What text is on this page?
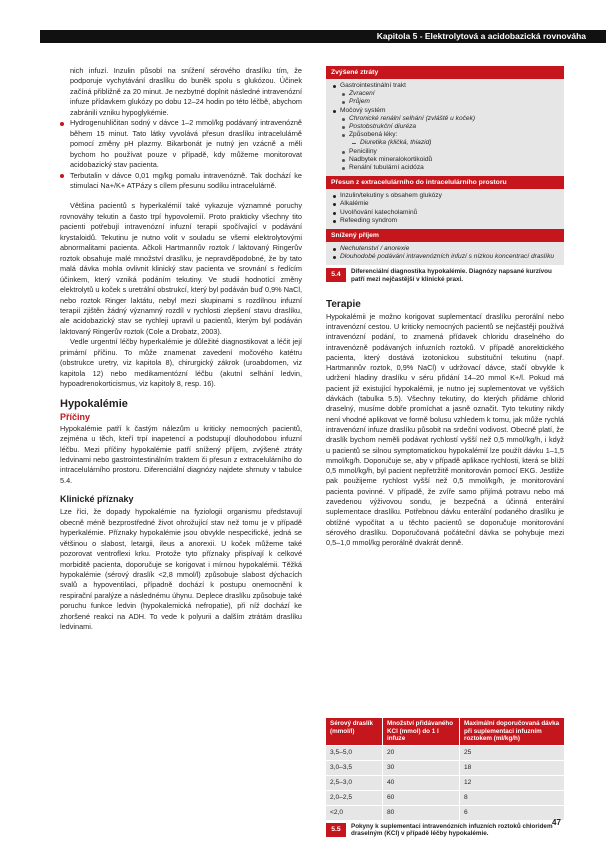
Kapitola 5 - Elektrolytová a acidobazická rovnováha

nich infuzí. Inzulin působí na snížení sérového draslíku tím, že podporuje vychytávání draslíku do buněk spolu s glukózou. Účinek začíná přibližně za 20 minut. Je nezbytné doplnit následné intravenózní infuze přídavkem glukózy po dobu 12–24 hodin po této léčbě, abychom zabránili vzniku hypoglykémie.

Hydrogenuhličitan sodný v dávce 1–2 mmol/kg podávaný intravenózně během 15 minut. Tato látky vyvolává přesun draslíku intracelulárně pomocí změny pH plazmy. Bikarbonát je nutný jen vzácně a měli bychom ho používat pouze v případě, kdy můžeme monitorovat acidobazický stav pacienta.
Terbutalin v dávce 0,01 mg/kg pomalu intravenózně. Tak dochází ke stimulaci Na+/K+ ATPázy s cílem přesunu sodíku intracelulárně.

Většina pacientů s hyperkalémií také vykazuje významné poruchy rovnováhy tekutin a často trpí hypovolemií. Proto prakticky všechny tito pacienti potřebují intravenózní infuzní terapii spočívající v podávání krystaloidů. Tekutinu je nutno volit v souladu se všemi elektrolytovými abnormalitami pacienta. Ačkoli Hartmannův roztok / laktovaný Ringerův roztok obsahuje malé množství draslíku, je nepravděpodobné, že by tato malá dávka mohla ovlivnit klinický stav pacienta ve srovnání s ředícím účinkem, který vzniká podáním tekutiny. Ve studii hodnotící změny elektrolytů u koček s uretrální obstrukcí, který byl podáván buď 0,9% NaCl, nebo roztok Ringer laktátu, nebyl mezi skupinami s rozdílnou infuzní terapií zjištěn žádný významný rozdíl v rychlosti zlepšení stavu draslíku, ale acidobazický stav se rychleji upravil u pacientů, kterým byl podáván laktovaný Ringerův roztok (Cole a Drobatz, 2003).

Vedle urgentní léčby hyperkalémie je důležité diagnostikovat a léčit její primární příčinu. To může znamenat zavedení močového katétru (obstrukce uretry, viz kapitola 8), chirurgický zákrok (uroabdomen, viz kapitola 12) nebo medikamentózní léčbu (akutní selhání ledvin, hypoadrenokorticismus, viz kapitoly 8, resp. 16).

Hypokalémie
Příčiny

Hypokalémie patří k častým nálezům u kriticky nemocných pacientů, zejména u těch, kteří trpí inapetencí a podstupují dlouhodobou infuzní léčbu. Mezi příčiny hypokalémie patří snížený příjem, zvýšené ztráty ledvinami nebo gastrointestinálním traktem či přesun z extracelulárního do intracelulárního prostoru. Diferenciální diagnózy najdete shrnuty v tabulce 5.4.

Klinické příznaky

Lze říci, že dopady hypokalémie na fyziologii organismu představují obecně méně bezprostředné život ohrožující stav než tomu je v případě hyperkalémie. Příznaky hypokalémie jsou obvykle nespecifické, jedná se většinou o slabost, letargii, ileus a anorexii. U koček můžeme také pozorovat ventroflexi krku. Protože tyto příznaky přispívají k celkové morbiditě pacienta, doporučuje se korigovat i mírnou hypokalémii. Těžká hypokalémie (sérový draslík <2,8 mmol/l) způsobuje slabost dýchacích svalů a hypoventilaci, případně dochází k postupu onemocnění k respirační paralýze a následnému úhynu. Deplece draslíku způsobuje také poruchu funkce ledvin (hypokalemická nefropatie), při níž dochází ke zhoršené reakci na ADH. To vede k polyurii a dalším ztrátám draslíku ledvinami.

Zvýšené ztráty
Gastrointestinální trakt
Zvracení
Průjem
Močový systém
Chronické renální selhání (zvláště u koček)
Postobstrukční diuréza
Způsobená léky:
Diuretika (kličká, thiazid)
Peniciliny
Nadbytek mineralokortikoidů
Renální tubulární acidóza
Přesun z extracelulárního do intracelulárního prostoru
Inzulin/tekutiny s obsahem glukózy
Alkalémie
Uvolňování katecholaminů
Refeeding syndrom
Snížený příjem
Nechutenství / anorexie
Dlouhodobé podávání intravenózních infuzí s nízkou koncentrací draslíku
5.4	Diferenciální diagnostika hypokalémie. Diagnózy napsané kurzívou patří mezi nejčastější v klinické praxi.
Terapie

Hypokalémii je možno korigovat suplementací draslíku perorální nebo intravenózní cestou. U kriticky nemocných pacientů se nejčastěji používá intravenózní podání, to znamená přídavek chloridu draselného do intravenózně podávaných infuzních roztoků. V případě anorektického pacienta, který dostává izotonickou substituční tekutinu (např. Hartmannův roztok, 0,9% NaCl) v udržovací dávce, stačí obvykle k udržení hladiny draslíku v séru přidání 14–20 mmol K+/l. Pokud má pacient již existující hypokalémii, je nutno jej suplementovat ve vyšších dávkách (tabulka 5.5). Všechny tekutiny, do kterých přidáme chlorid draselný, musíme dobře promíchat a jasně označit. Tyto tekutiny nikdy není vhodné aplikovat ve formě bolusu vzhledem k tomu, jak může rychlá intravenózní infuze draslíku působit na srdeční vodivost. Obecně platí, že draslík bychom neměli podávat rychlostí vyšší než 0,5 mmol/kg/h, i když u pacientů se silnou symptomatickou hypokalémií lze použít dávku 1–1,5 mmol/kg/h. Doporučuje se, aby v případě aplikace rychlosti, která se blíží 0,5 mmol/kg/h, byl pacient nepřetržitě monitorován pomocí EKG. Jestliže pak použijeme rychlost vyšší než 0,5 mmol/kg/h, je monitorování pacienta povinné. V případě, že zvíře samo přijímá potravu nebo má zavedenou výživovou sondu, je bezpečná a účinná enterální suplementace draslíku. Potřebnou dávku enterální podaného draslíku je obtížné vypočítat a u těchto pacientů se doporučuje monitorování sérového draslíku. Doporučovaná počáteční dávka se pohybuje mezi 0,5–1,0 mmol/kg perorálně dvakrát denně.

Sérový draslík (mmol/l)	Množství přidávaného KCl (mmol) do 1 l infuze	Maximální doporučovaná dávka při suplementaci infuzním roztokem (ml/kg/h)
3,5–5,0	20	25
3,0–3,5	30	18
2,5–3,0	40	12
2,0–2,5	60	8
<2,0	80	6
5.5	Pokyny k suplementaci intravenózních infuzních roztoků chloridem draselným (KCl) v případě léčby hypokalémie.
47
